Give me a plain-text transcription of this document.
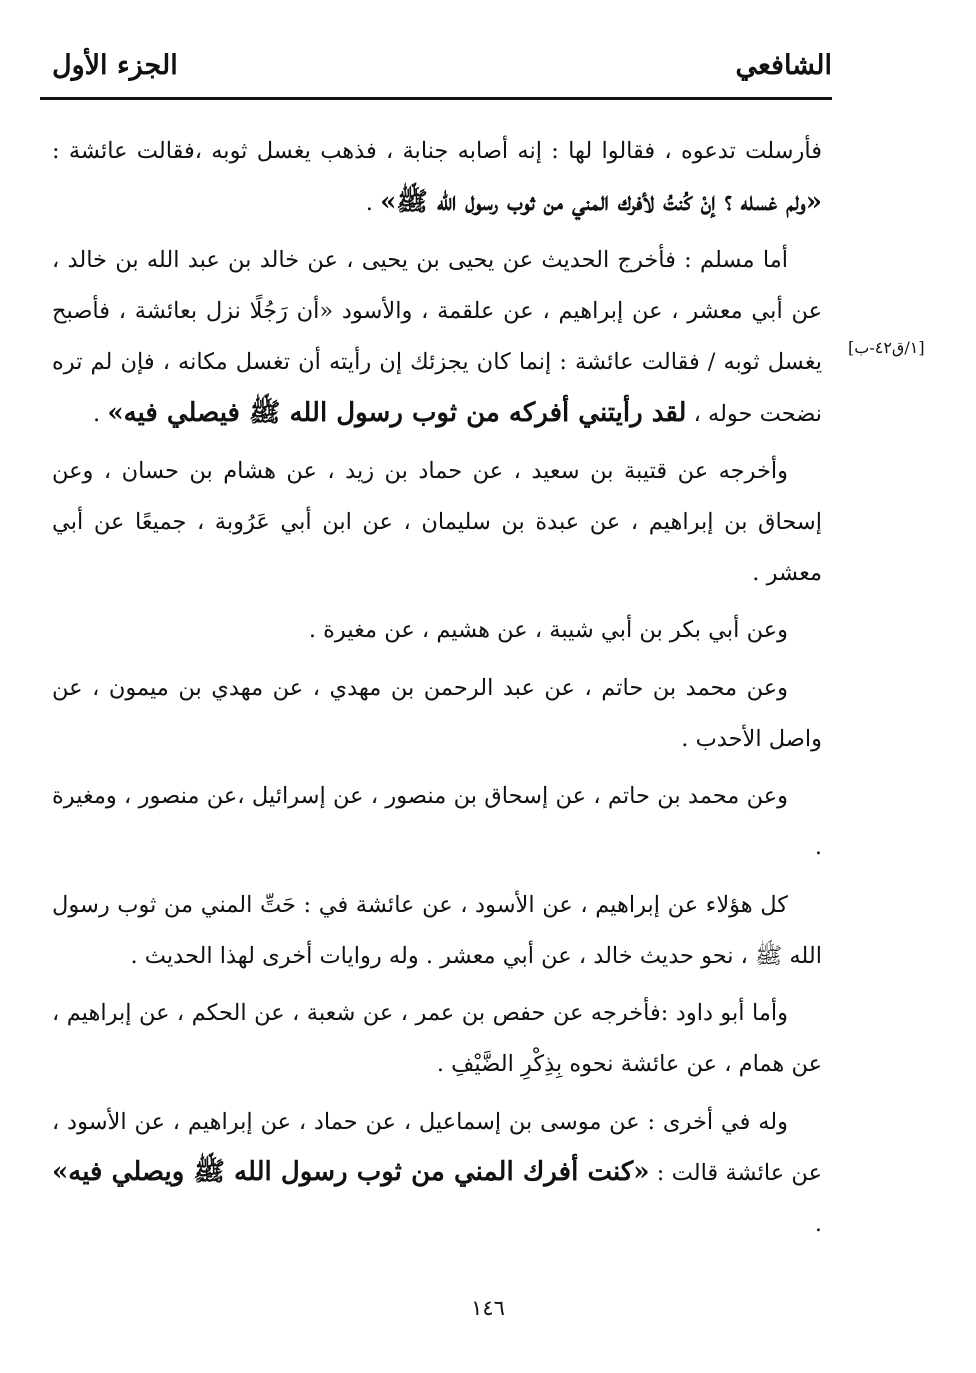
الشافعي
الجزء الأول
[١/ق٤٢-ب]

فأرسلت تدعوه ، فقالوا لها : إنه أصابه جنابة ، فذهب يغسل ثوبه ،فقالت عائشة : «ولم غسله ؟ إنْ كُنتُ لأفرك المني من ثوب رسول الله ﷺ» .

أما مسلم : فأخرج الحديث عن يحيى بن يحيى ، عن خالد بن عبد الله بن خالد ، عن أبي معشر ، عن إبراهيم ، عن علقمة ، والأسود «أن رَجُلًا نزل بعائشة ، فأصبح يغسل ثوبه / فقالت عائشة : إنما كان يجزئك إن رأيته أن تغسل مكانه ، فإن لم تره نضحت حوله ، لقد رأيتني أفركه من ثوب رسول الله ﷺ فيصلي فيه» .

وأخرجه عن قتيبة بن سعيد ، عن حماد بن زيد ، عن هشام بن حسان ، وعن إسحاق بن إبراهيم ، عن عبدة بن سليمان ، عن ابن أبي عَرُوبة ، جميعًا عن أبي معشر .

وعن أبي بكر بن أبي شيبة ، عن هشيم ، عن مغيرة .

وعن محمد بن حاتم ، عن عبد الرحمن بن مهدي ، عن مهدي بن ميمون ، عن واصل الأحدب .

وعن محمد بن حاتم ، عن إسحاق بن منصور ، عن إسرائيل ،عن منصور ، ومغيرة .

كل هؤلاء عن إبراهيم ، عن الأسود ، عن عائشة في : حَتِّ المني من ثوب رسول الله ﷺ ، نحو حديث خالد ، عن أبي معشر . وله روايات أخرى لهذا الحديث .

وأما أبو داود :فأخرجه عن حفص بن عمر ، عن شعبة ، عن الحكم ، عن إبراهيم ، عن همام ، عن عائشة نحوه بِذِكْرِ الضَّيْفِ .

وله في أخرى : عن موسى بن إسماعيل ، عن حماد ، عن إبراهيم ، عن الأسود ، عن عائشة قالت : «كنت أفرك المني من ثوب رسول الله ﷺ ويصلي فيه» .

١٤٦
